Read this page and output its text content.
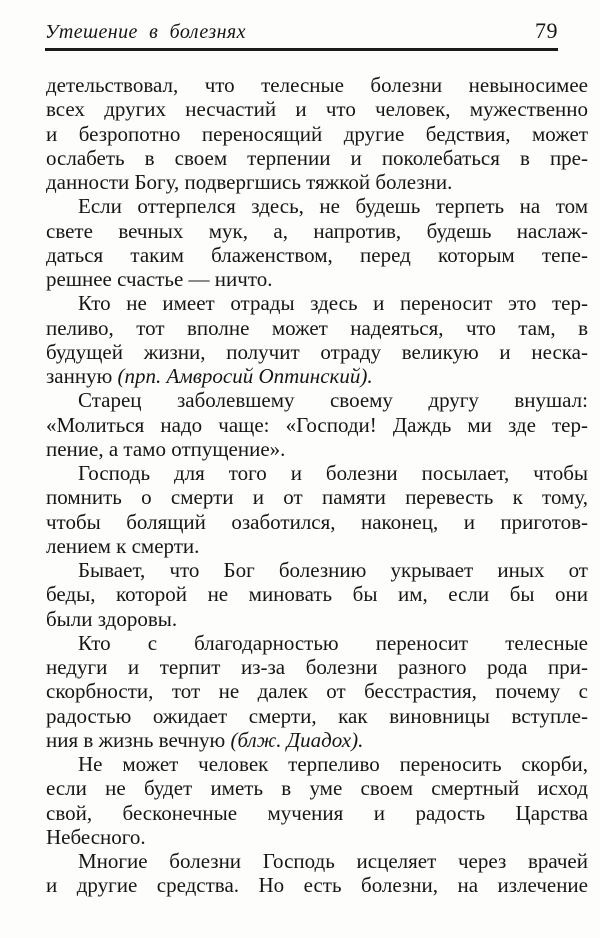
Утешение в болезнях	79
детельствовал, что телесные болезни невыносимее
всех других несчастий и что человек, мужественно
и безропотно переносящий другие бедствия, может
ослабеть в своем терпении и поколебаться в пре-
данности Богу, подвергшись тяжкой болезни.
Если оттерпелся здесь, не будешь терпеть на том
свете вечных мук, а, напротив, будешь наслаж-
даться таким блаженством, перед которым тепе-
решнее счастье — ничто.
Кто не имеет отрады здесь и переносит это тер-
пеливо, тот вполне может надеяться, что там, в
будущей жизни, получит отраду великую и неска-
занную (прп. Амвросий Оптинский).
Старец заболевшему своему другу внушал:
«Молиться надо чаще: «Господи! Даждь ми зде тер-
пение, а тамо отпущение».
Господь для того и болезни посылает, чтобы
помнить о смерти и от памяти перевесть к тому,
чтобы болящий озаботился, наконец, и приготов-
лением к смерти.
Бывает, что Бог болезнию укрывает иных от
беды, которой не миновать бы им, если бы они
были здоровы.
Кто с благодарностью переносит телесные
недуги и терпит из-за болезни разного рода при-
скорбности, тот не далек от бесстрастия, почему с
радостью ожидает смерти, как виновницы вступле-
ния в жизнь вечную (блж. Диадох).
Не может человек терпеливо переносить скорби,
если не будет иметь в уме своем смертный исход
свой, бесконечные мучения и радость Царства
Небесного.
Многие болезни Господь исцеляет через врачей
и другие средства. Но есть болезни, на излечение
